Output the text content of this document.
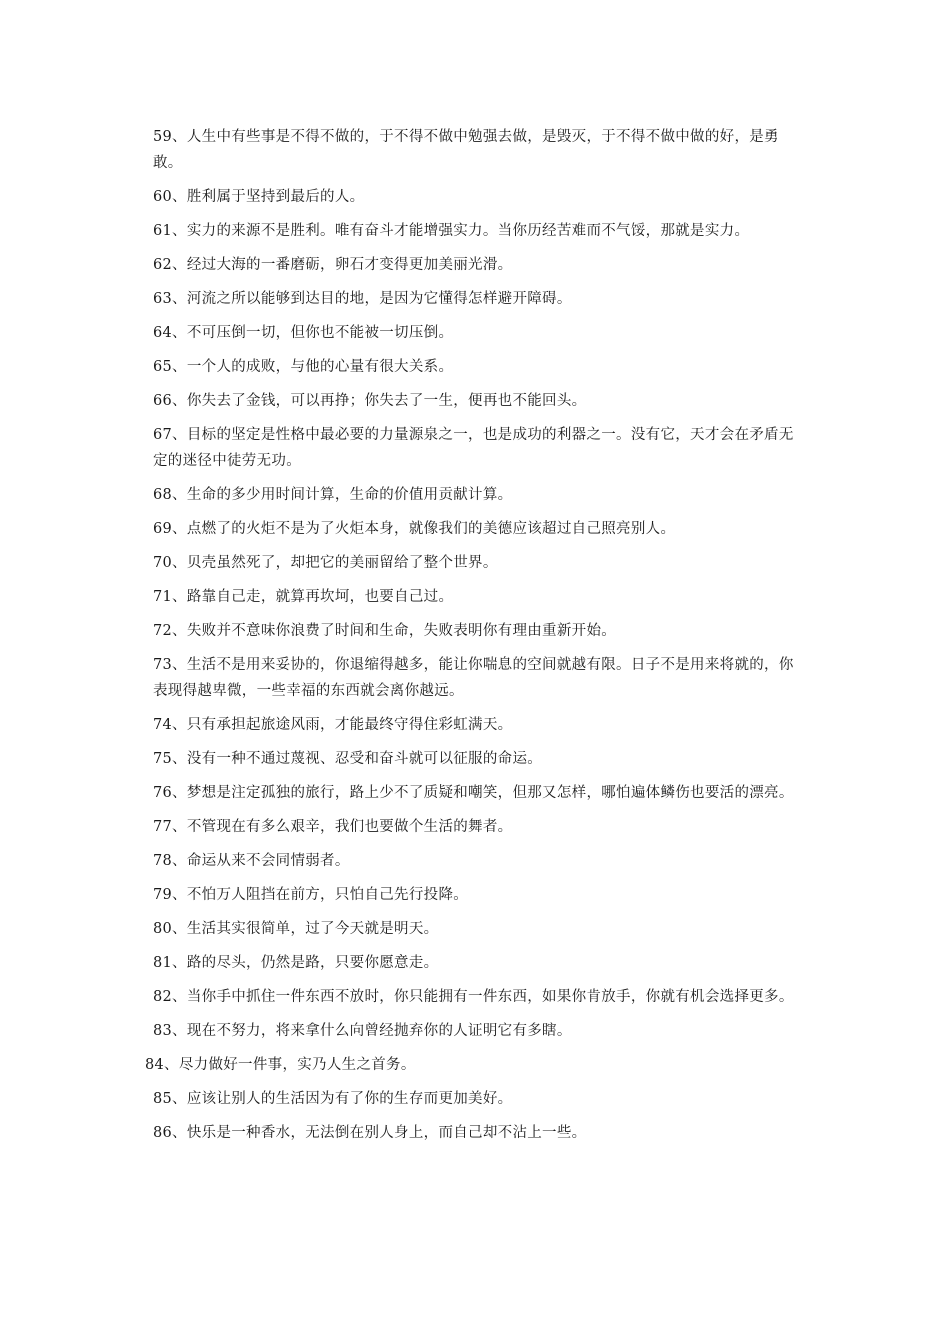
59、人生中有些事是不得不做的，于不得不做中勉强去做，是毁灭，于不得不做中做的好，是勇敢。

60、胜利属于坚持到最后的人。

61、实力的来源不是胜利。唯有奋斗才能增强实力。当你历经苦难而不气馁，那就是实力。

62、经过大海的一番磨砺，卵石才变得更加美丽光滑。

63、河流之所以能够到达目的地，是因为它懂得怎样避开障碍。

64、不可压倒一切，但你也不能被一切压倒。

65、一个人的成败，与他的心量有很大关系。

66、你失去了金钱，可以再挣；你失去了一生，便再也不能回头。

67、目标的坚定是性格中最必要的力量源泉之一，也是成功的利器之一。没有它，天才会在矛盾无定的迷径中徒劳无功。

68、生命的多少用时间计算，生命的价值用贡献计算。

69、点燃了的火炬不是为了火炬本身，就像我们的美德应该超过自己照亮别人。

70、贝壳虽然死了，却把它的美丽留给了整个世界。

71、路靠自己走，就算再坎坷，也要自己过。

72、失败并不意味你浪费了时间和生命，失败表明你有理由重新开始。

73、生活不是用来妥协的，你退缩得越多，能让你喘息的空间就越有限。日子不是用来将就的，你表现得越卑微，一些幸福的东西就会离你越远。

74、只有承担起旅途风雨，才能最终守得住彩虹满天。

75、没有一种不通过蔑视、忍受和奋斗就可以征服的命运。

76、梦想是注定孤独的旅行，路上少不了质疑和嘲笑，但那又怎样，哪怕遍体鳞伤也要活的漂亮。

77、不管现在有多么艰辛，我们也要做个生活的舞者。

78、命运从来不会同情弱者。

79、不怕万人阻挡在前方，只怕自己先行投降。

80、生活其实很简单，过了今天就是明天。

81、路的尽头，仍然是路，只要你愿意走。

82、当你手中抓住一件东西不放时，你只能拥有一件东西，如果你肯放手，你就有机会选择更多。

83、现在不努力，将来拿什么向曾经抛弃你的人证明它有多瞎。

84、尽力做好一件事，实乃人生之首务。

85、应该让别人的生活因为有了你的生存而更加美好。

86、快乐是一种香水，无法倒在别人身上，而自己却不沾上一些。
